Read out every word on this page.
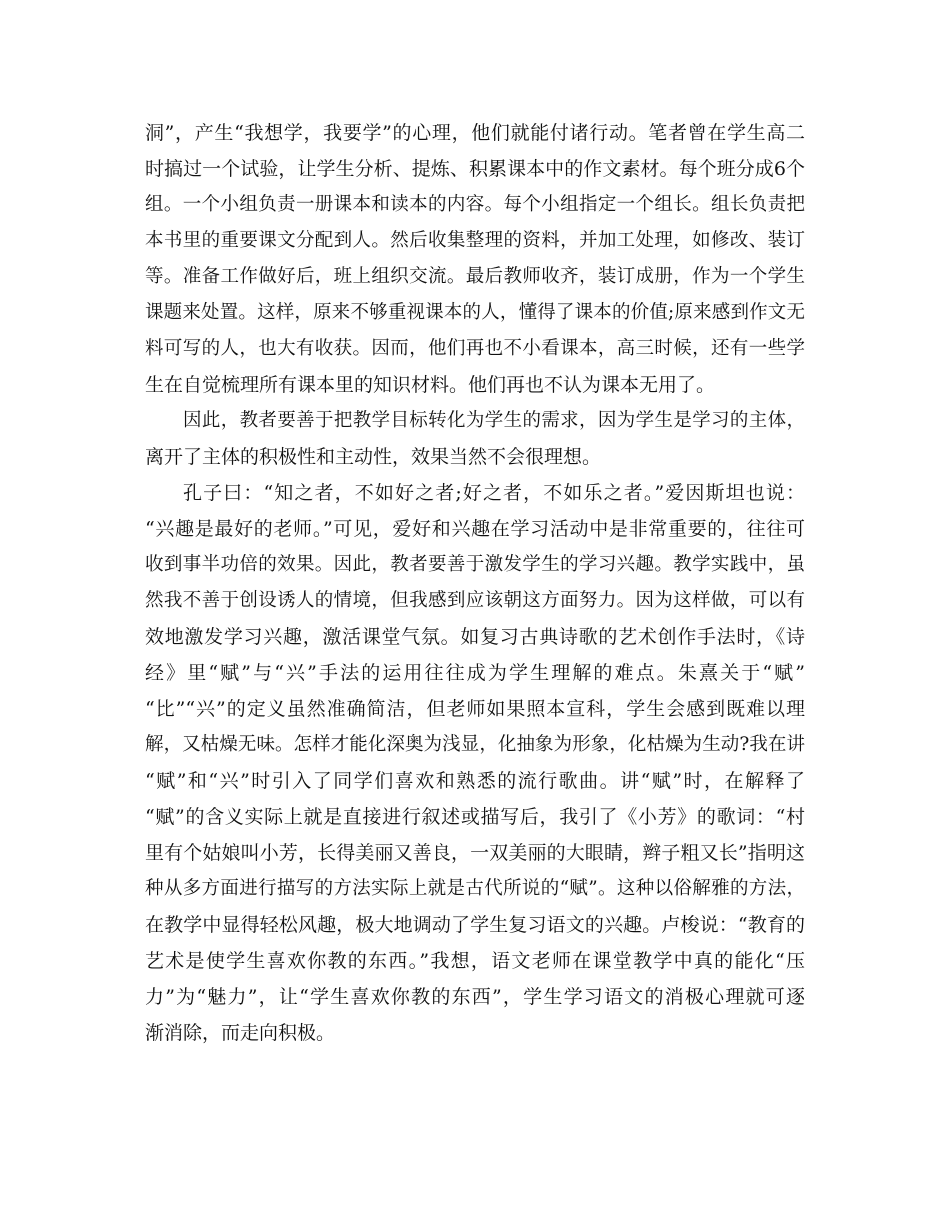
洞”，产生“我想学，我要学”的心理，他们就能付诸行动。笔者曾在学生高二
时搞过一个试验，让学生分析、提炼、积累课本中的作文素材。每个班分成6个
组。一个小组负责一册课本和读本的内容。每个小组指定一个组长。组长负责把
本书里的重要课文分配到人。然后收集整理的资料，并加工处理，如修改、装订
等。准备工作做好后，班上组织交流。最后教师收齐，装订成册，作为一个学生
课题来处置。这样，原来不够重视课本的人，懂得了课本的价值;原来感到作文无
料可写的人，也大有收获。因而，他们再也不小看课本，高三时候，还有一些学
生在自觉梳理所有课本里的知识材料。他们再也不认为课本无用了。
因此，教者要善于把教学目标转化为学生的需求，因为学生是学习的主体，
离开了主体的积极性和主动性，效果当然不会很理想。
孔子曰：“知之者，不如好之者;好之者，不如乐之者。”爱因斯坦也说：
“兴趣是最好的老师。”可见，爱好和兴趣在学习活动中是非常重要的，往往可
收到事半功倍的效果。因此，教者要善于激发学生的学习兴趣。教学实践中，虽
然我不善于创设诱人的情境，但我感到应该朝这方面努力。因为这样做，可以有
效地激发学习兴趣，激活课堂气氛。如复习古典诗歌的艺术创作手法时，《诗
经》里“赋”与“兴”手法的运用往往成为学生理解的难点。朱熹关于“赋”
“比”“兴”的定义虽然准确简洁，但老师如果照本宣科，学生会感到既难以理
解，又枯燥无味。怎样才能化深奥为浅显，化抽象为形象，化枯燥为生动?我在讲
“赋”和“兴”时引入了同学们喜欢和熟悉的流行歌曲。讲“赋”时，在解释了
“赋”的含义实际上就是直接进行叙述或描写后，我引了《小芳》的歌词：“村
里有个姑娘叫小芳，长得美丽又善良，一双美丽的大眼睛，辫子粗又长”指明这
种从多方面进行描写的方法实际上就是古代所说的“赋”。这种以俗解雅的方法，
在教学中显得轻松风趣，极大地调动了学生复习语文的兴趣。卢梭说：“教育的
艺术是使学生喜欢你教的东西。”我想，语文老师在课堂教学中真的能化“压
力”为“魅力”，让“学生喜欢你教的东西”，学生学习语文的消极心理就可逐
渐消除，而走向积极。
